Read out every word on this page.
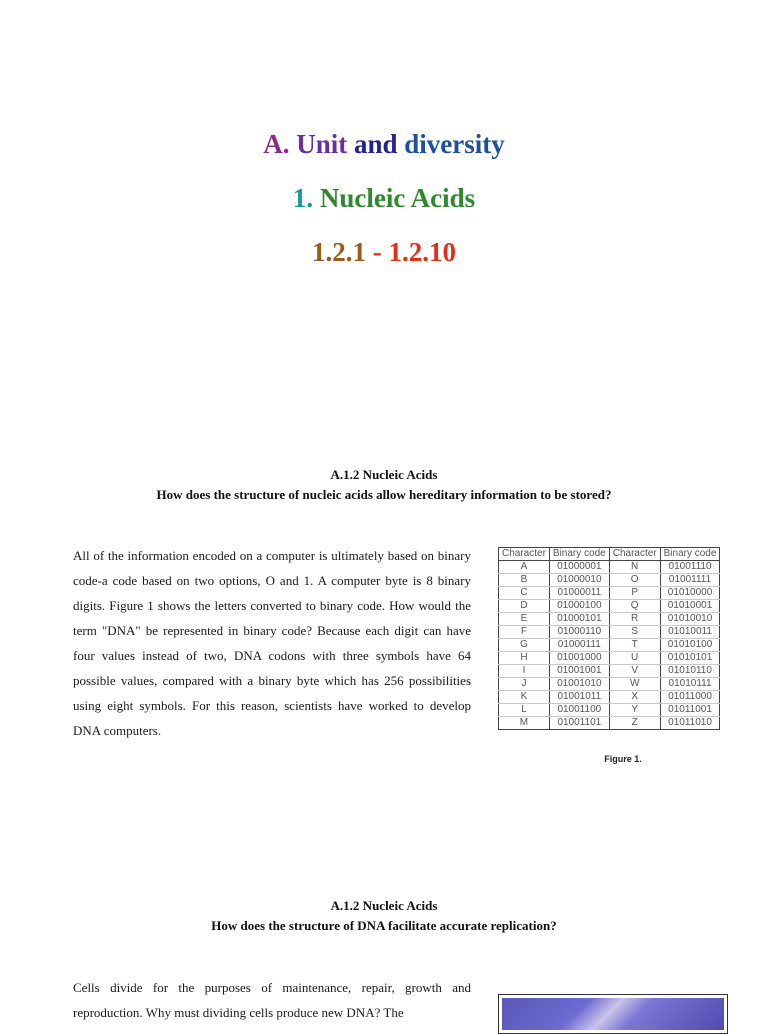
A. Unit and diversity
1. Nucleic Acids
1.2.1 - 1.2.10
A.1.2 Nucleic Acids
How does the structure of nucleic acids allow hereditary information to be stored?
All of the information encoded on a computer is ultimately based on binary code-a code based on two options, O and 1. A computer byte is 8 binary digits. Figure 1 shows the letters converted to binary code. How would the term "DNA" be represented in binary code? Because each digit can have four values instead of two, DNA codons with three symbols have 64 possible values, compared with a binary byte which has 256 possibilities using eight symbols. For this reason, scientists have worked to develop DNA computers.
Character	Binary code	Character	Binary code
A	01000001	N	01001110
B	01000010	O	01001111
C	01000011	P	01010000
D	01000100	Q	01010001
E	01000101	R	01010010
F	01000110	S	01010011
G	01000111	T	01010100
H	01001000	U	01010101
I	01001001	V	01010110
J	01001010	W	01010111
K	01001011	X	01011000
L	01001100	Y	01011001
M	01001101	Z	01011010
Figure 1.
A.1.2 Nucleic Acids
How does the structure of DNA facilitate accurate replication?
Cells divide for the purposes of maintenance, repair, growth and reproduction. Why must dividing cells produce new DNA? The
